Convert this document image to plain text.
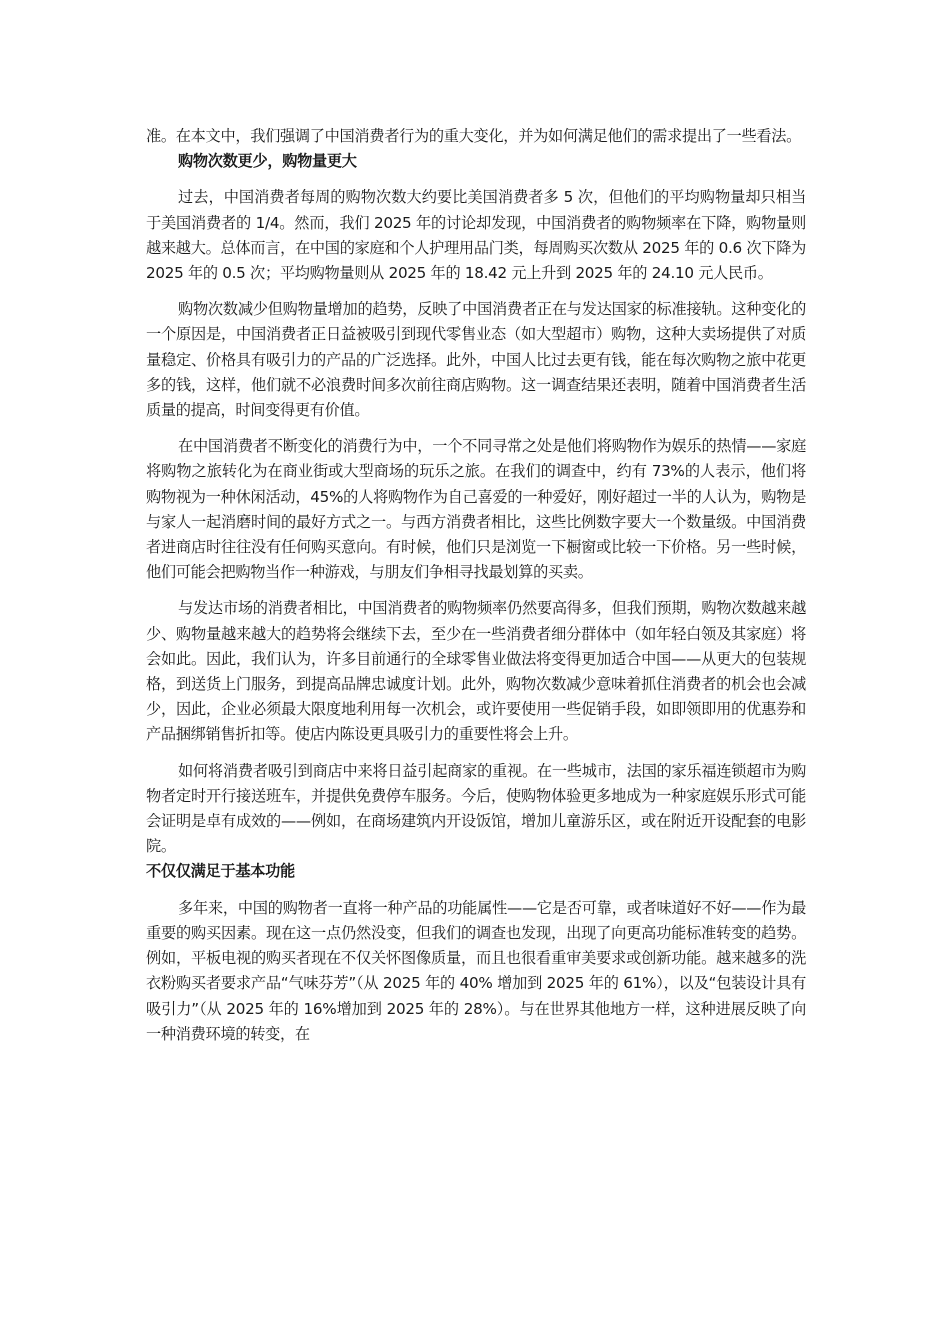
准。在本文中，我们强调了中国消费者行为的重大变化，并为如何满足他们的需求提出了一些看法。

购物次数更少，购物量更大

过去，中国消费者每周的购物次数大约要比美国消费者多 5 次，但他们的平均购物量却只相当于美国消费者的 1/4。然而，我们 2025 年的讨论却发现，中国消费者的购物频率在下降，购物量则越来越大。总体而言，在中国的家庭和个人护理用品门类，每周购买次数从 2025 年的 0.6 次下降为 2025 年的 0.5 次；平均购物量则从 2025 年的 18.42 元上升到 2025 年的 24.10 元人民币。

购物次数减少但购物量增加的趋势，反映了中国消费者正在与发达国家的标准接轨。这种变化的一个原因是，中国消费者正日益被吸引到现代零售业态（如大型超市）购物，这种大卖场提供了对质量稳定、价格具有吸引力的产品的广泛选择。此外，中国人比过去更有钱，能在每次购物之旅中花更多的钱，这样，他们就不必浪费时间多次前往商店购物。这一调查结果还表明，随着中国消费者生活质量的提高，时间变得更有价值。

在中国消费者不断变化的消费行为中，一个不同寻常之处是他们将购物作为娱乐的热情——家庭将购物之旅转化为在商业街或大型商场的玩乐之旅。在我们的调查中，约有 73%的人表示，他们将购物视为一种休闲活动，45%的人将购物作为自己喜爱的一种爱好，刚好超过一半的人认为，购物是与家人一起消磨时间的最好方式之一。与西方消费者相比，这些比例数字要大一个数量级。中国消费者进商店时往往没有任何购买意向。有时候，他们只是浏览一下橱窗或比较一下价格。另一些时候，他们可能会把购物当作一种游戏，与朋友们争相寻找最划算的买卖。

与发达市场的消费者相比，中国消费者的购物频率仍然要高得多，但我们预期，购物次数越来越少、购物量越来越大的趋势将会继续下去，至少在一些消费者细分群体中（如年轻白领及其家庭）将会如此。因此，我们认为，许多目前通行的全球零售业做法将变得更加适合中国——从更大的包装规格，到送货上门服务，到提高品牌忠诚度计划。此外，购物次数减少意味着抓住消费者的机会也会减少，因此，企业必须最大限度地利用每一次机会，或许要使用一些促销手段，如即领即用的优惠券和产品捆绑销售折扣等。使店内陈设更具吸引力的重要性将会上升。

如何将消费者吸引到商店中来将日益引起商家的重视。在一些城市，法国的家乐福连锁超市为购物者定时开行接送班车，并提供免费停车服务。今后，使购物体验更多地成为一种家庭娱乐形式可能会证明是卓有成效的——例如，在商场建筑内开设饭馆，增加儿童游乐区，或在附近开设配套的电影院。

不仅仅满足于基本功能

多年来，中国的购物者一直将一种产品的功能属性——它是否可靠，或者味道好不好——作为最重要的购买因素。现在这一点仍然没变，但我们的调查也发现，出现了向更高功能标准转变的趋势。例如，平板电视的购买者现在不仅关怀图像质量，而且也很看重审美要求或创新功能。越来越多的洗衣粉购买者要求产品“气味芬芳”（从 2025 年的 40% 增加到 2025 年的 61%），以及“包装设计具有吸引力”（从 2025 年的 16%增加到 2025 年的 28%）。与在世界其他地方一样，这种进展反映了向一种消费环境的转变，在
